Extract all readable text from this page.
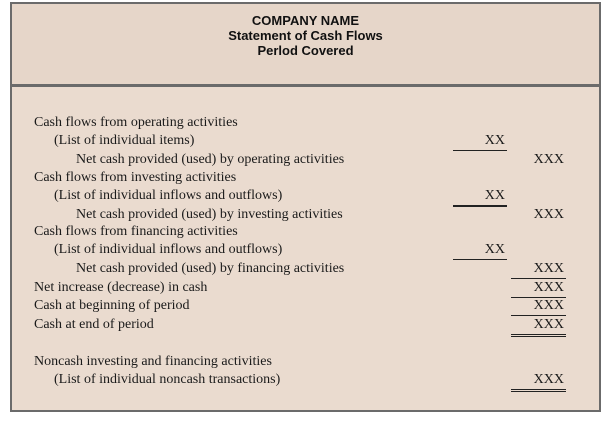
COMPANY NAME
Statement of Cash Flows
Perlod Covered
Cash flows from operating activities
(List of individual items)	XX
Net cash provided (used) by operating activities	XXX
Cash flows from investing activities
(List of individual inflows and outflows)	XX
Net cash provided (used) by investing activities	XXX
Cash flows from financing activities
(List of individual inflows and outflows)	XX
Net cash provided (used) by financing activities	XXX
Net increase (decrease) in cash	XXX
Cash at beginning of period	XXX
Cash at end of period	XXX
Noncash investing and financing activities
(List of individual noncash transactions)	XXX
